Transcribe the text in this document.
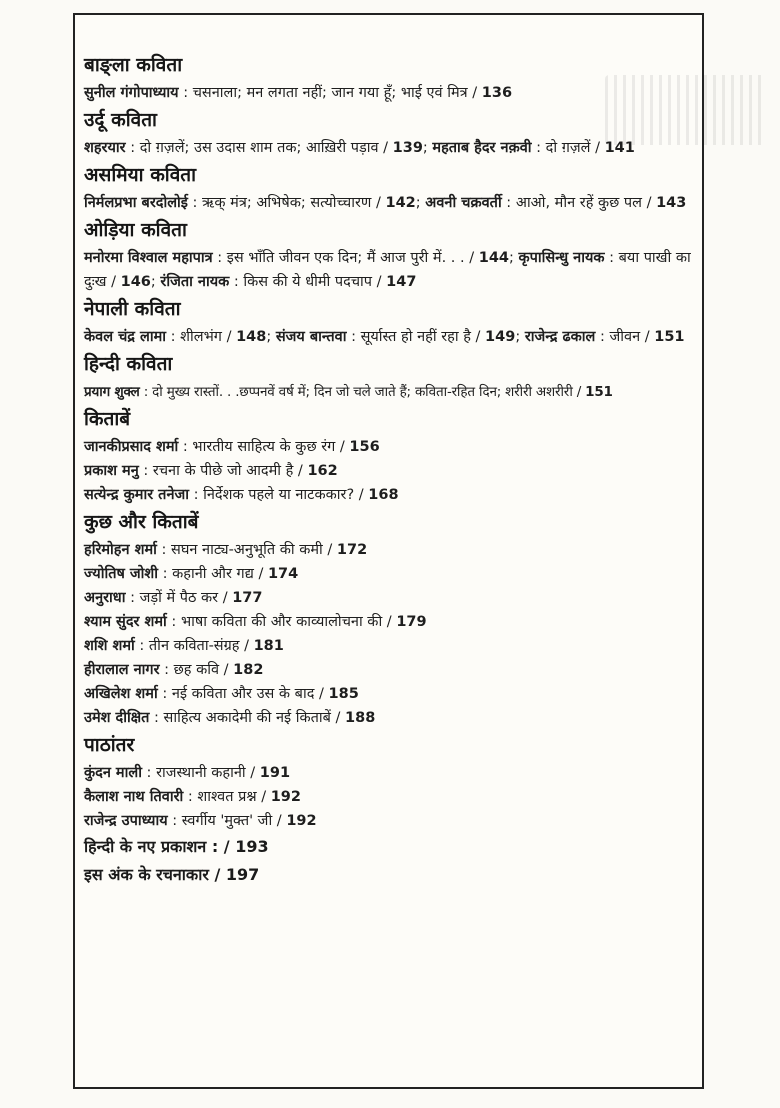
बाङ्ला कविता
सुनील गंगोपाध्याय : चसनाला; मन लगता नहीं; जान गया हूँ; भाई एवं मित्र / 136
उर्दू कविता
शहरयार : दो ग़ज़लें; उस उदास शाम तक; आख़िरी पड़ाव / 139; महताब हैदर नक़वी : दो ग़ज़लें / 141
असमिया कविता
निर्मलप्रभा बरदोलोई : ऋक् मंत्र; अभिषेक; सत्योच्चारण / 142; अवनी चक्रवर्ती : आओ, मौन रहें कुछ पल / 143
ओड़िया कविता
मनोरमा विश्वाल महापात्र : इस भाँति जीवन एक दिन; मैं आज पुरी में. . . / 144; कृपासिन्धु नायक : बया पाखी का दुःख / 146; रंजिता नायक : किस की ये धीमी पदचाप / 147
नेपाली कविता
केवल चंद्र लामा : शीलभंग / 148; संजय बान्तवा : सूर्यास्त हो नहीं रहा है / 149; राजेन्द्र ढकाल : जीवन / 151
हिन्दी कविता
प्रयाग शुक्ल : दो मुख्य रास्तों. . .छप्पनवें वर्ष में; दिन जो चले जाते हैं; कविता-रहित दिन; शरीरी अशरीरी / 151
किताबें
जानकीप्रसाद शर्मा : भारतीय साहित्य के कुछ रंग / 156
प्रकाश मनु : रचना के पीछे जो आदमी है / 162
सत्येन्द्र कुमार तनेजा : निर्देशक पहले या नाटककार? / 168
कुछ और किताबें
हरिमोहन शर्मा : सघन नाट्य-अनुभूति की कमी / 172
ज्योतिष जोशी : कहानी और गद्य / 174
अनुराधा : जड़ों में पैठ कर / 177
श्याम सुंदर शर्मा : भाषा कविता की और काव्यालोचना की / 179
शशि शर्मा : तीन कविता-संग्रह / 181
हीरालाल नागर : छह कवि / 182
अखिलेश शर्मा : नई कविता और उस के बाद / 185
उमेश दीक्षित : साहित्य अकादेमी की नई किताबें / 188
पाठांतर
कुंदन माली : राजस्थानी कहानी / 191
कैलाश नाथ तिवारी : शाश्वत प्रश्न / 192
राजेन्द्र उपाध्याय : स्वर्गीय 'मुक्त' जी / 192
हिन्दी के नए प्रकाशन : / 193
इस अंक के रचनाकार / 197
